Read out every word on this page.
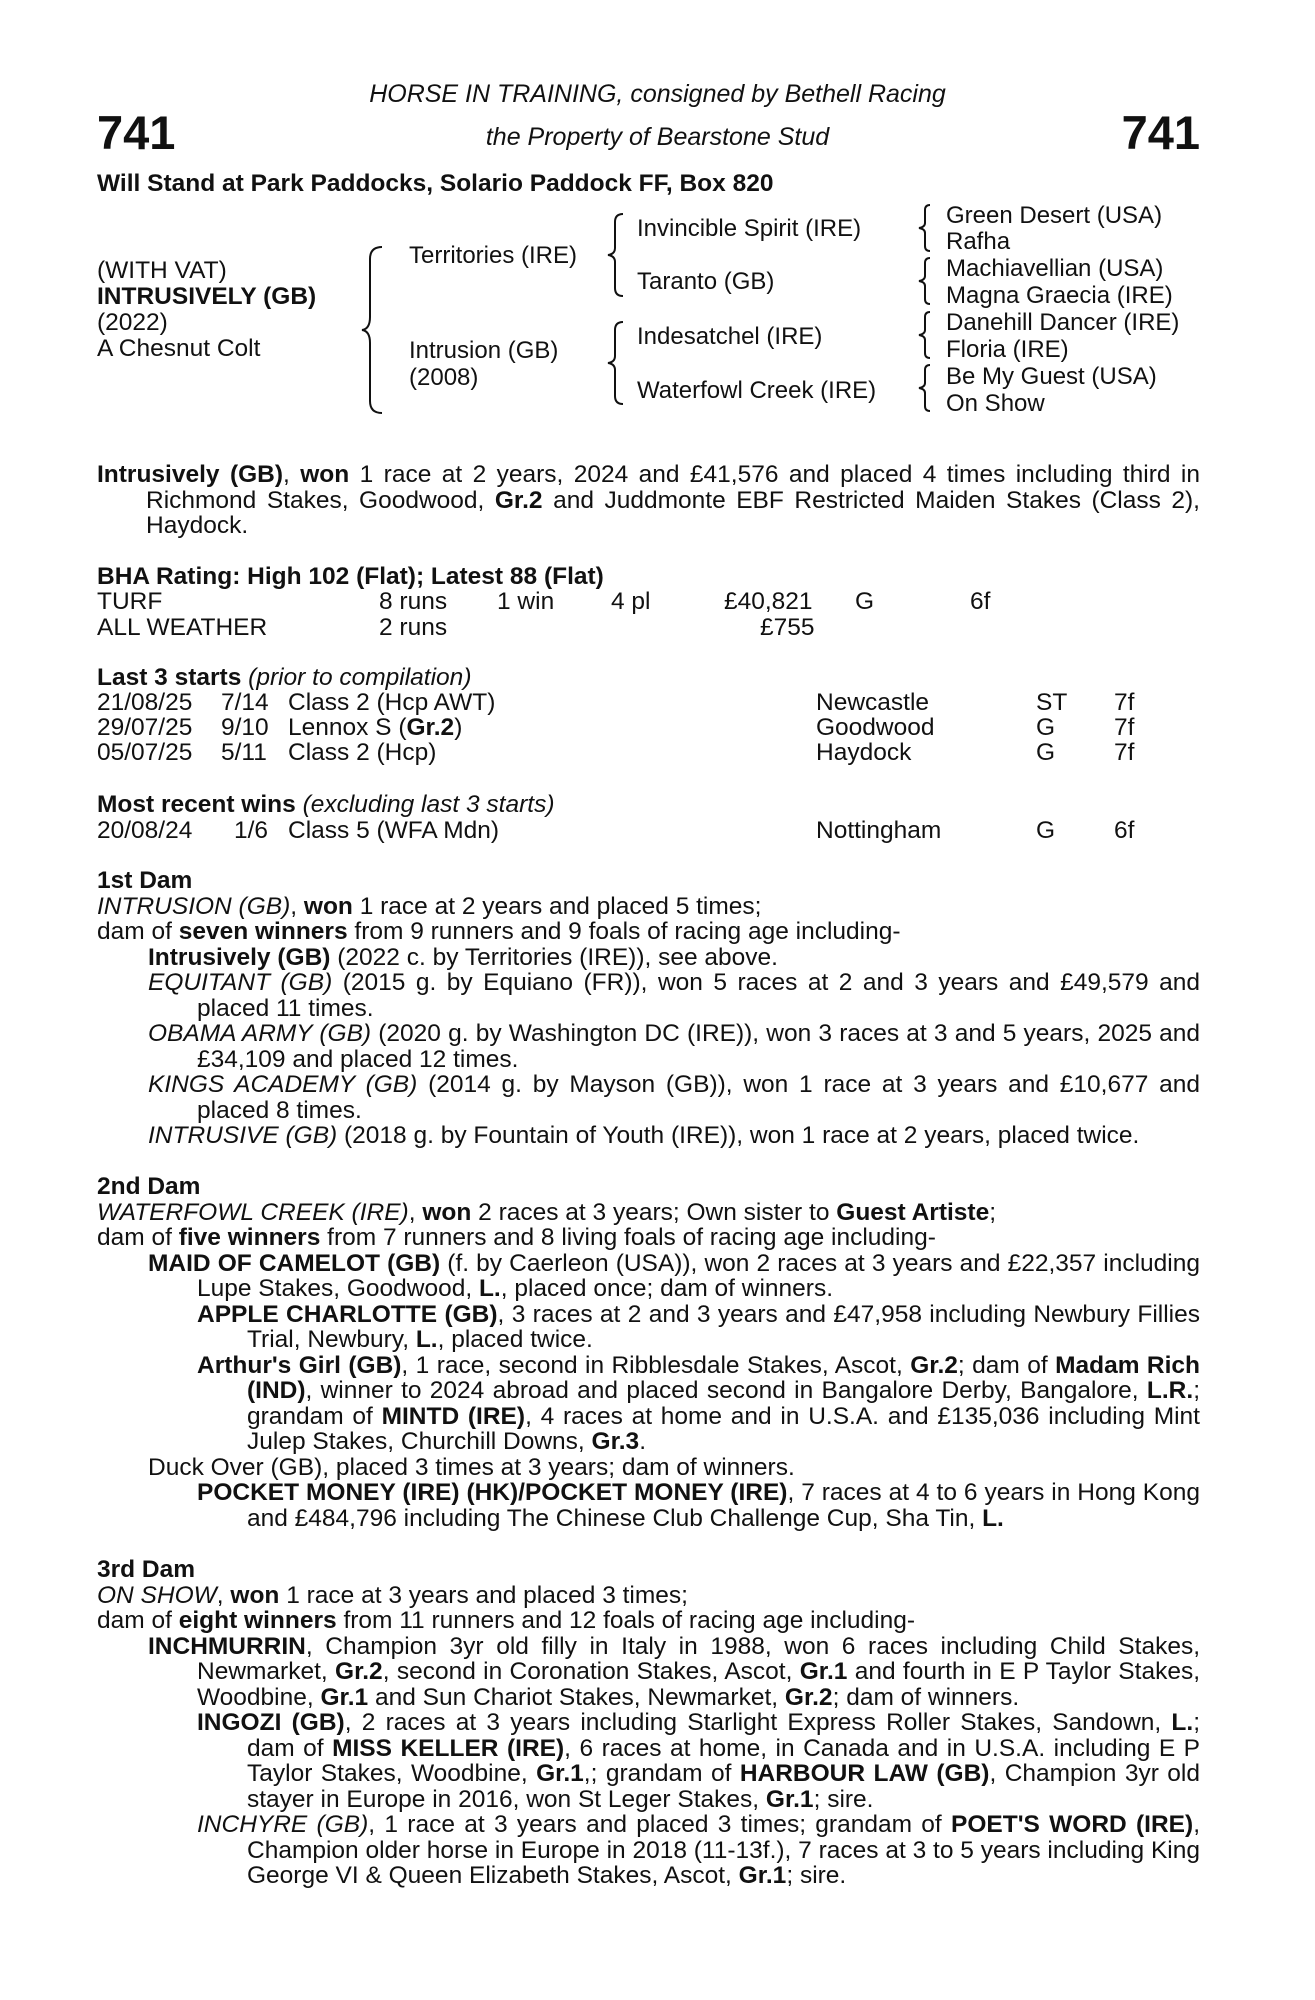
741	741
HORSE IN TRAINING, consigned by Bethell Racing
the Property of Bearstone Stud
Will Stand at Park Paddocks, Solario Paddock FF, Box 820
(WITH VAT)
INTRUSIVELY (GB)
(2022)
A Chesnut Colt
Territories (IRE)
Intrusion (GB)
(2008)
Invincible Spirit (IRE)
Taranto (GB)
Indesatchel (IRE)
Waterfowl Creek (IRE)
Green Desert (USA)
Rafha
Machiavellian (USA)
Magna Graecia (IRE)
Danehill Dancer (IRE)
Floria (IRE)
Be My Guest (USA)
On Show
Intrusively (GB), won 1 race at 2 years, 2024 and £41,576 and placed 4 times including third in Richmond Stakes, Goodwood, Gr.2 and Juddmonte EBF Restricted Maiden Stakes (Class 2), Haydock.
BHA Rating: High 102 (Flat); Latest 88 (Flat)
TURF	8 runs 1 win 4 pl	£40,821 G	6f
ALL WEATHER	2 runs	£755
Last 3 starts (prior to compilation)
21/08/25 7/14 Class 2 (Hcp AWT)	Newcastle	ST 7f
29/07/25 9/10 Lennox S (Gr.2)	Goodwood	G 7f
05/07/25 5/11 Class 2 (Hcp)	Haydock	G 7f
Most recent wins (excluding last 3 starts)
20/08/24 1/6 Class 5 (WFA Mdn)	Nottingham	G 6f
1st Dam
INTRUSION (GB), won 1 race at 2 years and placed 5 times;
dam of seven winners from 9 runners and 9 foals of racing age including-
Intrusively (GB) (2022 c. by Territories (IRE)), see above.
EQUITANT (GB) (2015 g. by Equiano (FR)), won 5 races at 2 and 3 years and £49,579 and placed 11 times.
OBAMA ARMY (GB) (2020 g. by Washington DC (IRE)), won 3 races at 3 and 5 years, 2025 and £34,109 and placed 12 times.
KINGS ACADEMY (GB) (2014 g. by Mayson (GB)), won 1 race at 3 years and £10,677 and placed 8 times.
INTRUSIVE (GB) (2018 g. by Fountain of Youth (IRE)), won 1 race at 2 years, placed twice.
2nd Dam
WATERFOWL CREEK (IRE), won 2 races at 3 years; Own sister to Guest Artiste;
dam of five winners from 7 runners and 8 living foals of racing age including-
MAID OF CAMELOT (GB) (f. by Caerleon (USA)), won 2 races at 3 years and £22,357 including Lupe Stakes, Goodwood, L., placed once; dam of winners.
APPLE CHARLOTTE (GB), 3 races at 2 and 3 years and £47,958 including Newbury Fillies Trial, Newbury, L., placed twice.
Arthur's Girl (GB), 1 race, second in Ribblesdale Stakes, Ascot, Gr.2; dam of Madam Rich (IND), winner to 2024 abroad and placed second in Bangalore Derby, Bangalore, L.R.; grandam of MINTD (IRE), 4 races at home and in U.S.A. and £135,036 including Mint Julep Stakes, Churchill Downs, Gr.3.
Duck Over (GB), placed 3 times at 3 years; dam of winners.
POCKET MONEY (IRE) (HK)/POCKET MONEY (IRE), 7 races at 4 to 6 years in Hong Kong and £484,796 including The Chinese Club Challenge Cup, Sha Tin, L.
3rd Dam
ON SHOW, won 1 race at 3 years and placed 3 times;
dam of eight winners from 11 runners and 12 foals of racing age including-
INCHMURRIN, Champion 3yr old filly in Italy in 1988, won 6 races including Child Stakes, Newmarket, Gr.2, second in Coronation Stakes, Ascot, Gr.1 and fourth in E P Taylor Stakes, Woodbine, Gr.1 and Sun Chariot Stakes, Newmarket, Gr.2; dam of winners.
INGOZI (GB), 2 races at 3 years including Starlight Express Roller Stakes, Sandown, L.; dam of MISS KELLER (IRE), 6 races at home, in Canada and in U.S.A. including E P Taylor Stakes, Woodbine, Gr.1,; grandam of HARBOUR LAW (GB), Champion 3yr old stayer in Europe in 2016, won St Leger Stakes, Gr.1; sire.
INCHYRE (GB), 1 race at 3 years and placed 3 times; grandam of POET'S WORD (IRE), Champion older horse in Europe in 2018 (11-13f.), 7 races at 3 to 5 years including King George VI & Queen Elizabeth Stakes, Ascot, Gr.1; sire.
